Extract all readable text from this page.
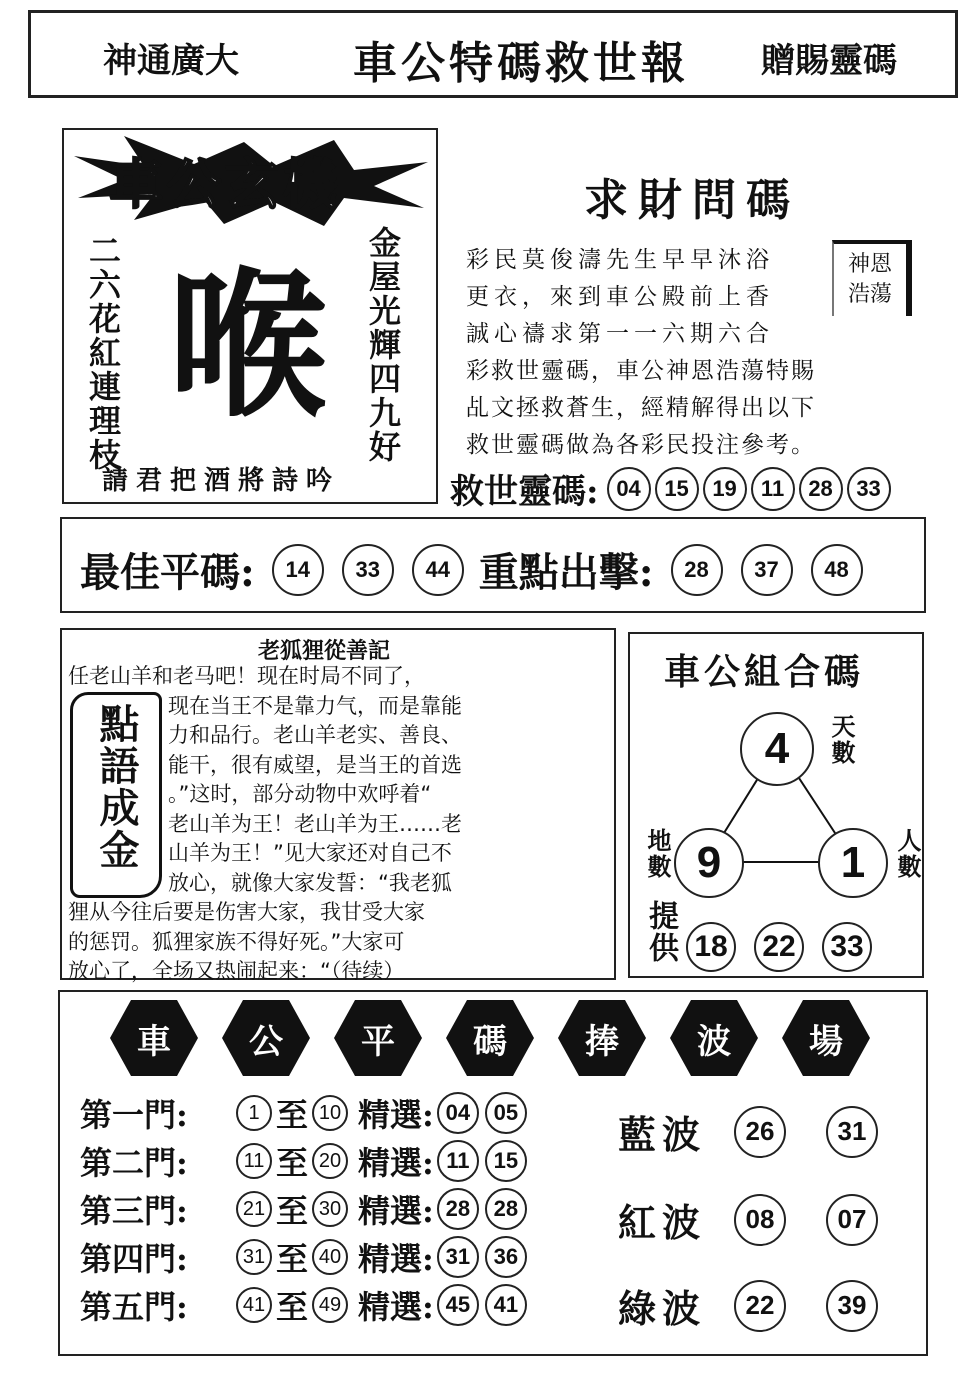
神通廣大	車公特碼救世報 贈賜靈碼
車公玄機
二六花紅連理枝 喉 金屋光輝四九好
請君把酒將詩吟
求財問碼
神恩浩蕩
彩民莫俊濤先生早早沐浴
更衣，來到車公殿前上香
誠心禱求第一一六期六合
彩救世靈碼，車公神恩浩蕩特賜
乩文拯救蒼生，經精解得出以下
救世靈碼做為各彩民投注參考。
救世靈碼: 04	15	19	11	28	33
最佳平碼:	14	33	44 重點出擊:	28	37	48
老狐狸從善記
任老山羊和老马吧！现在时局不同了，
现在当王不是靠力气，而是靠能
力和品行。老山羊老实、善良、
能干，很有威望，是当王的首选
。”这时，部分动物中欢呼着“
老山羊为王！老山羊为王……老
山羊为王！”见大家还对自己不
放心，就像大家发誓：“我老狐
狸从今往后要是伤害大家，我甘受大家
的惩罚。狐狸家族不得好死。”大家可
放心了，全场又热闹起来：“（待续）
點語成金
車公組合碼
4
9	1
天數
地數	人數
提供 18 22 33
車	公	平	碼	捧	波	場
第一門:	1 至 10 精選: 04	05
第二門:	11 至 20 精選: 11	15
第三門:	21 至 30 精選: 28	28
第四門:	31 至 40 精選: 31	36
第五門:	41 至 49 精選: 45	41
藍波	26	31
紅波	08	07
綠波	22	39
